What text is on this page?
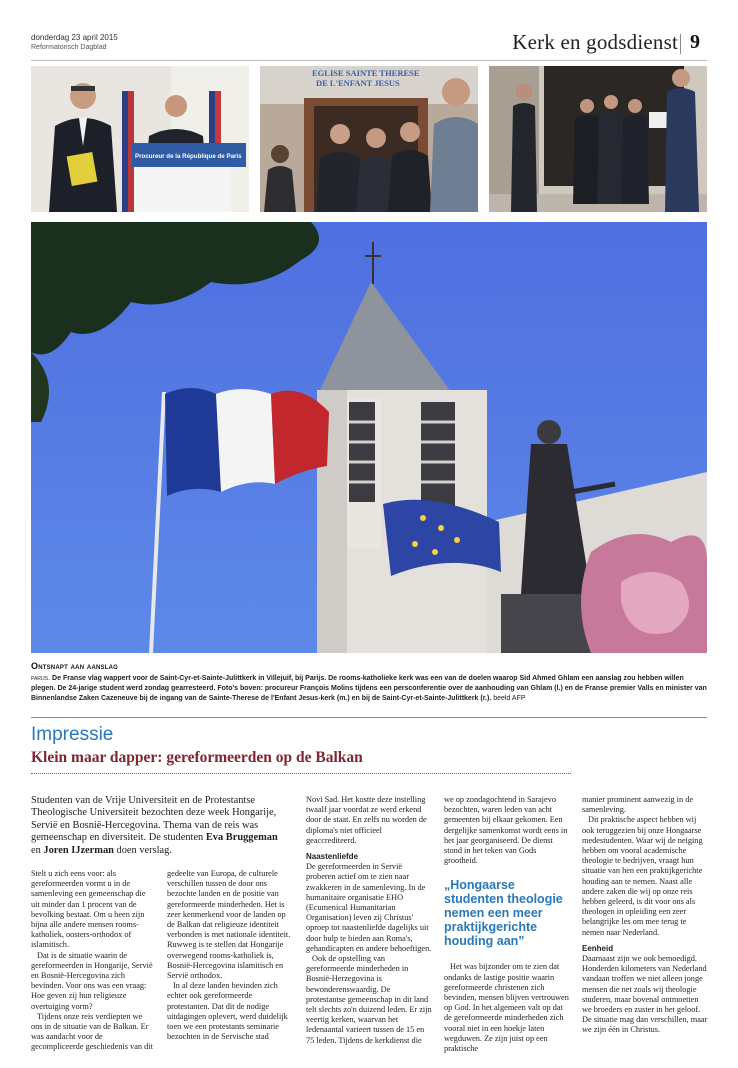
donderdag 23 april 2015
Reformatorisch Dagblad	Kerk en godsdienst 9
Procureur de la République de Paris
EGLISE SAINTE THERESE
DE L'ENFANT JESUS
Ontsnapt aan aanslag
parijs. De Franse vlag wappert voor de Saint-Cyr-et-Sainte-Julittkerk in Villejuif, bij Parijs. De rooms-katholieke kerk was een van de doelen waarop Sid Ahmed Ghlam een aanslag zou hebben willen plegen. De 24-jarige student werd zondag gearresteerd. Foto's boven: procureur François Molins tijdens een persconferentie over de aanhouding van Ghlam (l.) en de Franse premier Valls en minister van Binnenlandse Zaken Cazeneuve bij de ingang van de Sainte-Therese de l'Enfant Jesus-kerk (m.) en bij de Saint-Cyr-et-Sainte-Julittkerk (r.). beeld AFP
Impressie
Klein maar dapper: gereformeerden op de Balkan
Studenten van de Vrije Universiteit en de Protestantse Theologische Universiteit bezochten deze week Hongarije, Servië en Bosnië-Hercegovina. Thema van de reis was gemeenschap en diversiteit. De studenten Eva Bruggeman en Joren IJzerman doen verslag.

Stelt u zich eens voor: als gereformeerden vormt u in de samenleving een gemeenschap die uit minder dan 1 procent van de bevolking bestaat. Om u heen zijn bijna alle andere mensen rooms-katholiek, oosters-orthodox of islamitisch.

Dat is de situatie waarin de gereformeerden in Hongarije, Servië en Bosnië-Hercegovina zich bevinden. Voor ons was een vraag: Hoe geven zij hun religieuze overtuiging vorm?

Tijdens onze reis verdiepten we ons in de situatie van de Balkan. Er was aandacht voor de gecompliceerde geschiedenis van dit

gedeelte van Europa, de culturele verschillen tussen de door ons bezochte landen en de positie van gereformeerde minderheden. Het is zeer kenmerkend voor de landen op de Balkan dat religieuze identiteit verbonden is met nationale identiteit. Ruwweg is te stellen dat Hongarije overwegend rooms-katholiek is, Bosnië-Hercegovina islamitisch en Servië orthodox.

In al deze landen bevinden zich echter ook gereformeerde protestanten. Dat dit de nodige uitdagingen oplevert, werd duidelijk toen we een protestants seminarie bezochten in de Servische stad

Novi Sad. Het kostte deze instelling twaalf jaar voordat ze werd erkend door de staat. En zelfs nu worden de diploma's niet officieel geaccrediteerd.

Naastenliefde

De gereformeerden in Servië proberen actief om te zien naar zwakkeren in de samenleving. In de humanitaire organisatie EHO (Ecumenical Humanitarian Organisation) leven zij Christus' oproep tot naastenliefde dagelijks uit door hulp te bieden aan Roma's, gehandicapten en andere behoeftigen.

Ook de opstelling van gereformeerde minderheden in Bosnië-Herzegovina is bewonderenswaardig. De protestantse gemeenschap in dit land telt slechts zo'n duizend leden. Er zijn veertig kerken, waarvan het ledenaantal varieert tussen de 15 en 75 leden. Tijdens de kerkdienst die

we op zondagochtend in Sarajevo bezochten, waren leden van acht gemeenten bij elkaar gekomen. Een dergelijke samenkomst wordt eens in het jaar georganiseerd. De dienst stond in het teken van Gods grootheid.

„Hongaarse studenten theologie nemen een meer praktijkgerichte houding aan”

Het was bijzonder om te zien dat ondanks de lastige positie waarin gereformeerde christenen zich bevinden, mensen blijven vertrouwen op God. In het algemeen valt op dat de gereformeerde minderheden zich vooral niet in een hoekje laten wegduwen. Ze zijn juist op een praktische

manier prominent aanwezig in de samenleving.

Dit praktische aspect hebben wij ook teruggezien bij onze Hongaarse medestudenten. Waar wij de neiging hebben om vooral academische theologie te bedrijven, vraagt hun situatie van hen een praktijkgerichte houding aan te nemen. Naast alle andere zaken die wij op onze reis hebben geleerd, is dit voor ons als theologen in opleiding een zeer belangrijke les om mee terug te nemen naar Nederland.

Eenheid

Daarnaast zijn we ook bemoedigd. Honderden kilometers van Nederland vandaan troffen we niet alleen jonge mensen die net zoals wij theologie studeren, maar bovenal ontmoetten we broeders en zuster in het geloof. De situatie mag dan verschillen, maar we zijn één in Christus.
